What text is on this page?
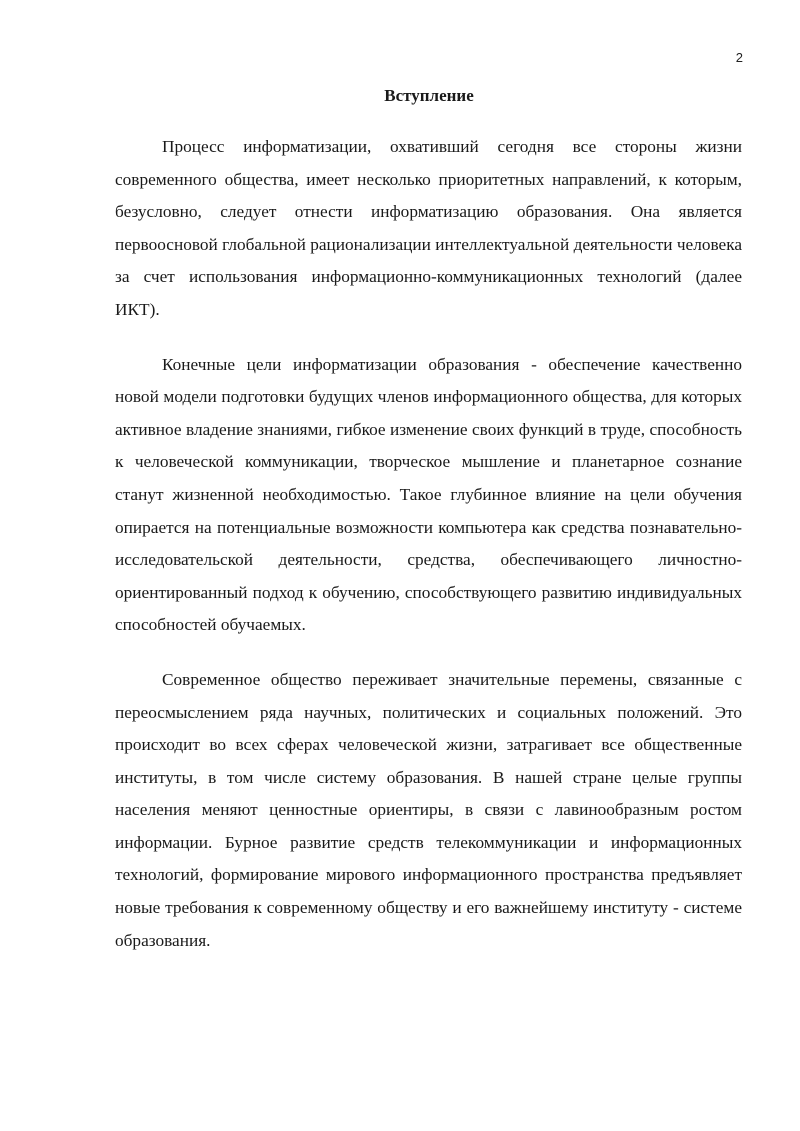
2
Вступление

Процесс информатизации, охвативший сегодня все стороны жизни современного общества, имеет несколько приоритетных направлений, к которым, безусловно, следует отнести информатизацию образования. Она является первоосновой глобальной рационализации интеллектуальной деятельности человека за счет использования информационно-коммуникационных технологий (далее ИКТ).

Конечные цели информатизации образования - обеспечение качественно новой модели подготовки будущих членов информационного общества, для которых активное владение знаниями, гибкое изменение своих функций в труде, способность к человеческой коммуникации, творческое мышление и планетарное сознание станут жизненной необходимостью. Такое глубинное влияние на цели обучения опирается на потенциальные возможности компьютера как средства познавательно-исследовательской деятельности, средства, обеспечивающего личностно-ориентированный подход к обучению, способствующего развитию индивидуальных способностей обучаемых.

Современное общество переживает значительные перемены, связанные с переосмыслением ряда научных, политических и социальных положений. Это происходит во всех сферах человеческой жизни, затрагивает все общественные институты, в том числе систему образования. В нашей стране целые группы населения меняют ценностные ориентиры, в связи с лавинообразным ростом информации. Бурное развитие средств телекоммуникации и информационных технологий, формирование мирового информационного пространства предъявляет новые требования к современному обществу и его важнейшему институту - системе образования.
